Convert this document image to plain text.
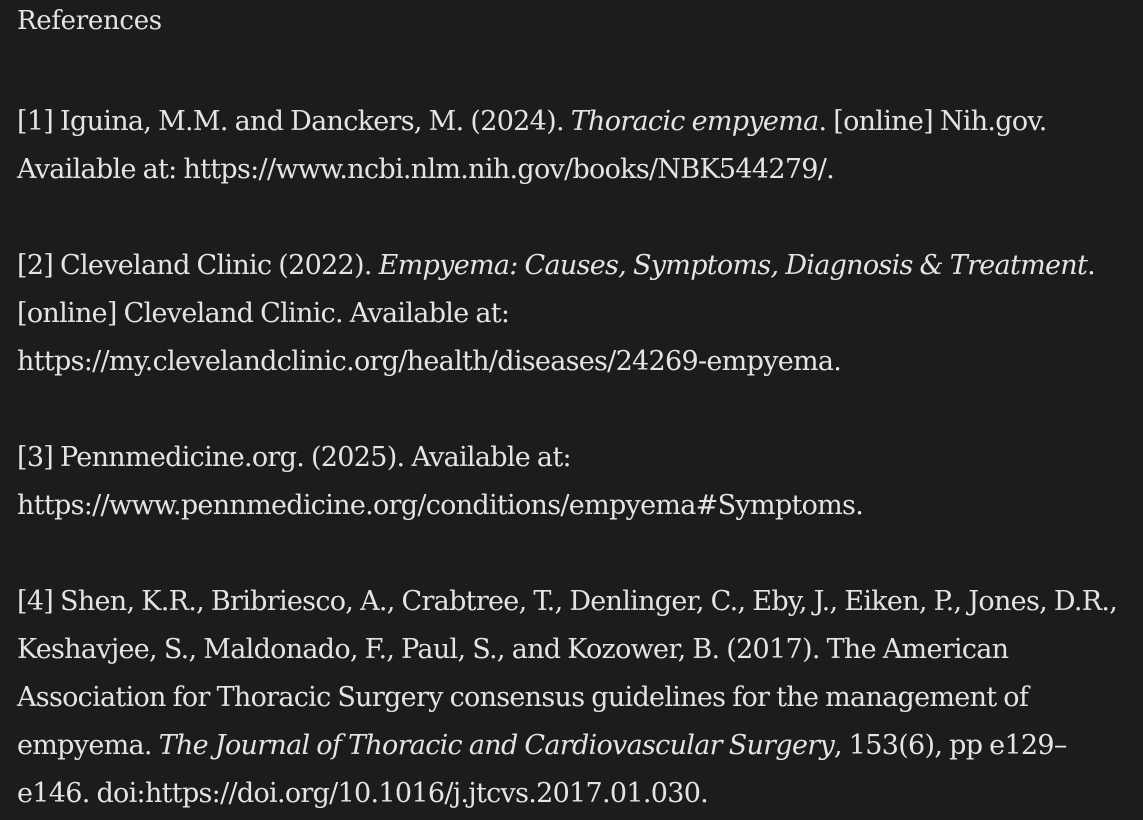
References

[1] Iguina, M.M. and Danckers, M. (2024). Thoracic empyema. [online] Nih.gov. Available at: https://www.ncbi.nlm.nih.gov/books/NBK544279/.

[2] Cleveland Clinic (2022). Empyema: Causes, Symptoms, Diagnosis & Treatment. [online] Cleveland Clinic. Available at: https://my.clevelandclinic.org/health/diseases/24269-empyema.

[3] Pennmedicine.org. (2025). Available at: https://www.pennmedicine.org/conditions/empyema#Symptoms.

[4] Shen, K.R., Bribriesco, A., Crabtree, T., Denlinger, C., Eby, J., Eiken, P., Jones, D.R., Keshavjee, S., Maldonado, F., Paul, S., and Kozower, B. (2017). The American Association for Thoracic Surgery consensus guidelines for the management of empyema. The Journal of Thoracic and Cardiovascular Surgery, 153(6), pp e129–e146. doi:https://doi.org/10.1016/j.jtcvs.2017.01.030.
